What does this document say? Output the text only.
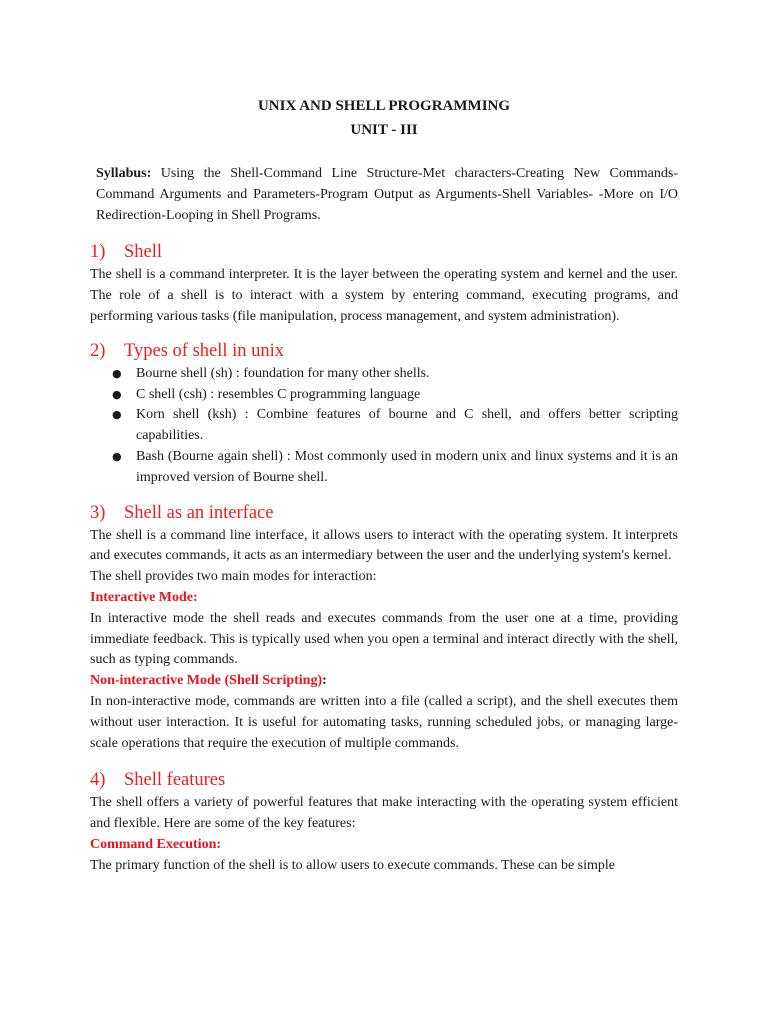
UNIX AND SHELL PROGRAMMING

UNIT - III

Syllabus: Using the Shell-Command Line Structure-Met characters-Creating New Commands-Command Arguments and Parameters-Program Output as Arguments-Shell Variables- -More on I/O Redirection-Looping in Shell Programs.

1)	Shell

The shell is a command interpreter. It is the layer between the operating system and kernel and the user. The role of a shell is to interact with a system by entering command, executing programs, and performing various tasks (file manipulation, process management, and system administration).

2)	Types of shell in unix
● Bourne shell (sh) : foundation for many other shells.
● C shell (csh) : resembles C programming language
● Korn shell (ksh) : Combine features of bourne and C shell, and offers better scripting capabilities.
● Bash (Bourne again shell) : Most commonly used in modern unix and linux systems and it is an improved version of Bourne shell.
3)	Shell as an interface

The shell is a command line interface, it allows users to interact with the operating system. It interprets and executes commands, it acts as an intermediary between the user and the underlying system's kernel.

The shell provides two main modes for interaction:

Interactive Mode:

In interactive mode the shell reads and executes commands from the user one at a time, providing immediate feedback. This is typically used when you open a terminal and interact directly with the shell, such as typing commands.

Non-interactive Mode (Shell Scripting):

In non-interactive mode, commands are written into a file (called a script), and the shell executes them without user interaction. It is useful for automating tasks, running scheduled jobs, or managing large-scale operations that require the execution of multiple commands.

4)	Shell features

The shell offers a variety of powerful features that make interacting with the operating system efficient and flexible. Here are some of the key features:

Command Execution:

The primary function of the shell is to allow users to execute commands. These can be simple
